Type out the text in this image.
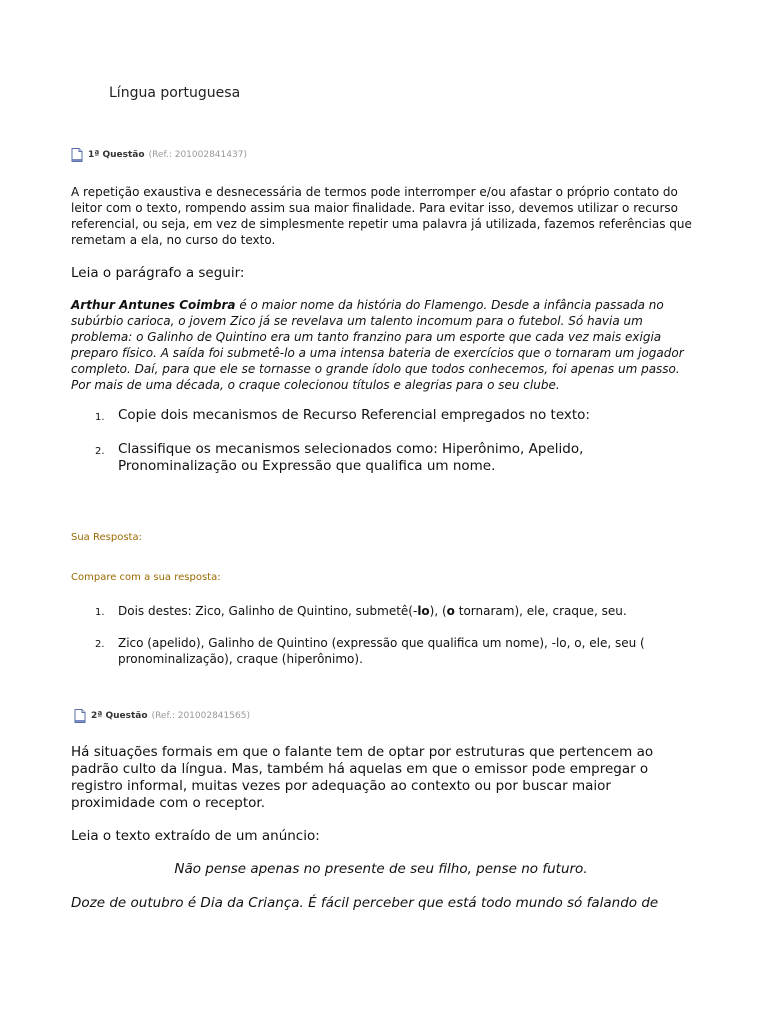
Língua portuguesa
1ª Questão (Ref.: 201002841437)
A repetição exaustiva e desnecessária de termos pode interromper e/ou afastar o próprio contato do leitor com o texto, rompendo assim sua maior finalidade. Para evitar isso, devemos utilizar o recurso referencial, ou seja, em vez de simplesmente repetir uma palavra já utilizada, fazemos referências que remetam a ela, no curso do texto.
Leia o parágrafo a seguir:
Arthur Antunes Coimbra é o maior nome da história do Flamengo. Desde a infância passada no subúrbio carioca, o jovem Zico já se revelava um talento incomum para o futebol. Só havia um problema: o Galinho de Quintino era um tanto franzino para um esporte que cada vez mais exigia preparo físico. A saída foi submetê-lo a uma intensa bateria de exercícios que o tornaram um jogador completo. Daí, para que ele se tornasse o grande ídolo que todos conhecemos, foi apenas um passo. Por mais de uma década, o craque colecionou títulos e alegrias para o seu clube.
1. Copie dois mecanismos de Recurso Referencial empregados no texto:
2. Classifique os mecanismos selecionados como: Hiperônimo, Apelido, Pronominalização ou Expressão que qualifica um nome.
Sua Resposta:
Compare com a sua resposta:
1.	Dois destes: Zico, Galinho de Quintino, submetê(-lo), (o tornaram), ele, craque, seu.
2.	Zico (apelido), Galinho de Quintino (expressão que qualifica um nome), -lo, o, ele, seu ( pronominalização), craque (hiperônimo).
2ª Questão (Ref.: 201002841565)
Há situações formais em que o falante tem de optar por estruturas que pertencem ao padrão culto da língua. Mas, também há aquelas em que o emissor pode empregar o registro informal, muitas vezes por adequação ao contexto ou por buscar maior proximidade com o receptor.
Leia o texto extraído de um anúncio:
Não pense apenas no presente de seu filho, pense no futuro.
Doze de outubro é Dia da Criança. É fácil perceber que está todo mundo só falando de
